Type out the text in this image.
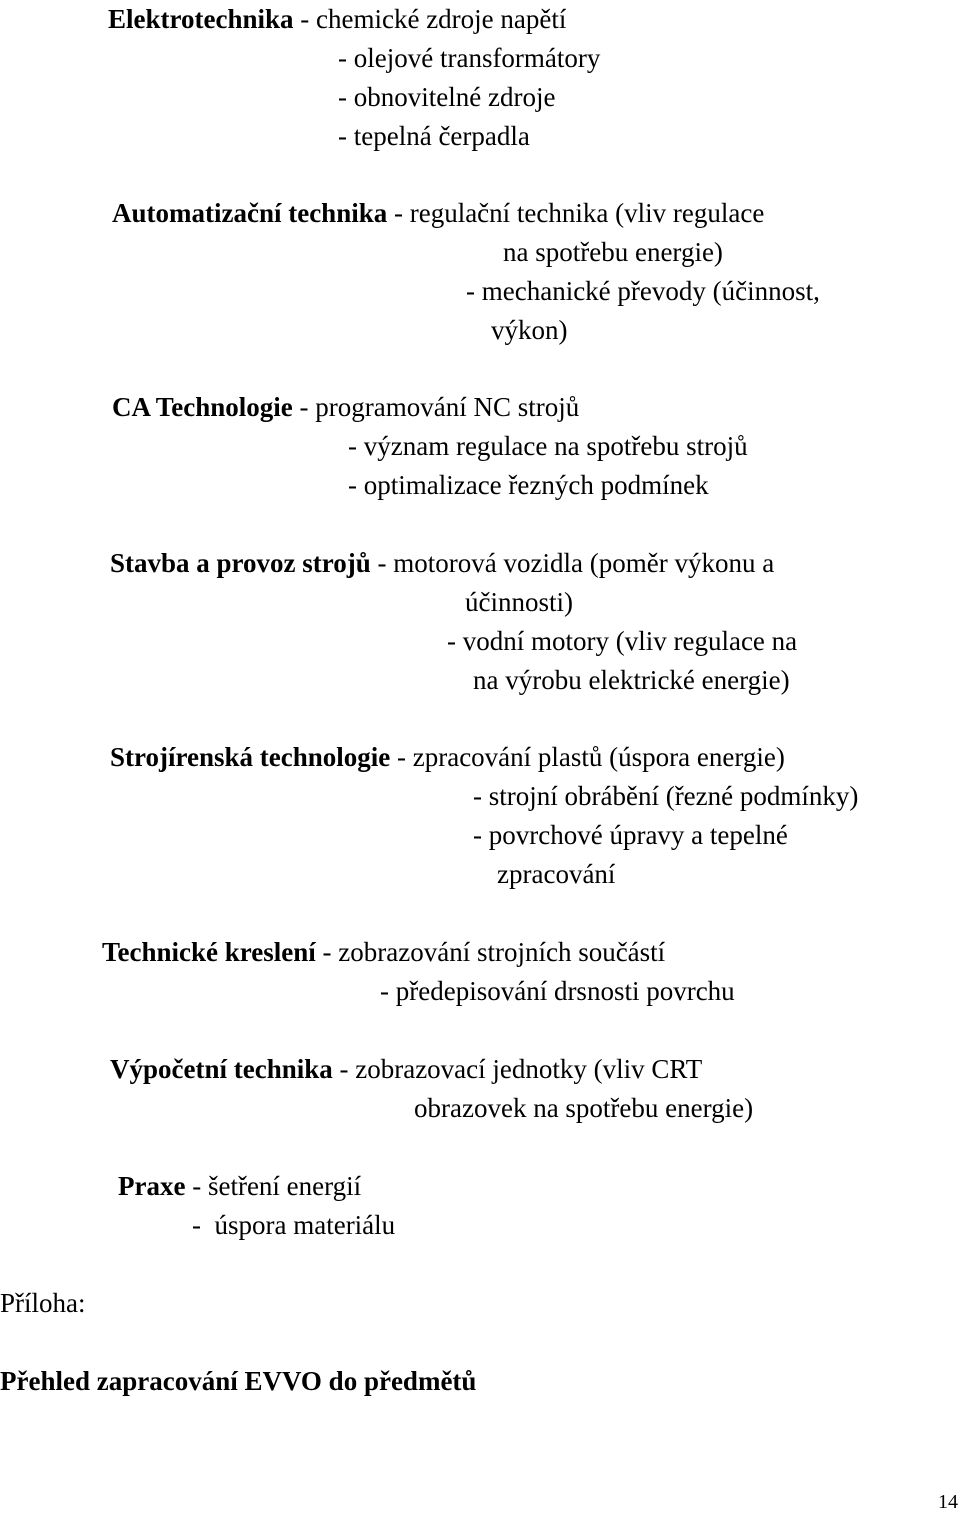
Elektrotechnika - chemické zdroje napětí
- olejové transformátory
- obnovitelné zdroje
- tepelná čerpadla
Automatizační technika - regulační technika (vliv regulace
na spotřebu energie)
- mechanické převody (účinnost,
výkon)
CA Technologie - programování NC strojů
- význam regulace na spotřebu strojů
- optimalizace řezných podmínek
Stavba a provoz strojů - motorová vozidla (poměr výkonu a
účinnosti)
- vodní motory (vliv regulace na
na výrobu elektrické energie)
Strojírenská technologie - zpracování plastů (úspora energie)
- strojní obrábění (řezné podmínky)
- povrchové úpravy a tepelné
zpracování
Technické kreslení - zobrazování strojních součástí
- předepisování drsnosti povrchu
Výpočetní technika - zobrazovací jednotky (vliv CRT
obrazovek na spotřebu energie)
Praxe - šetření energií
-  úspora materiálu
Příloha:
Přehled zapracování EVVO do předmětů
14
